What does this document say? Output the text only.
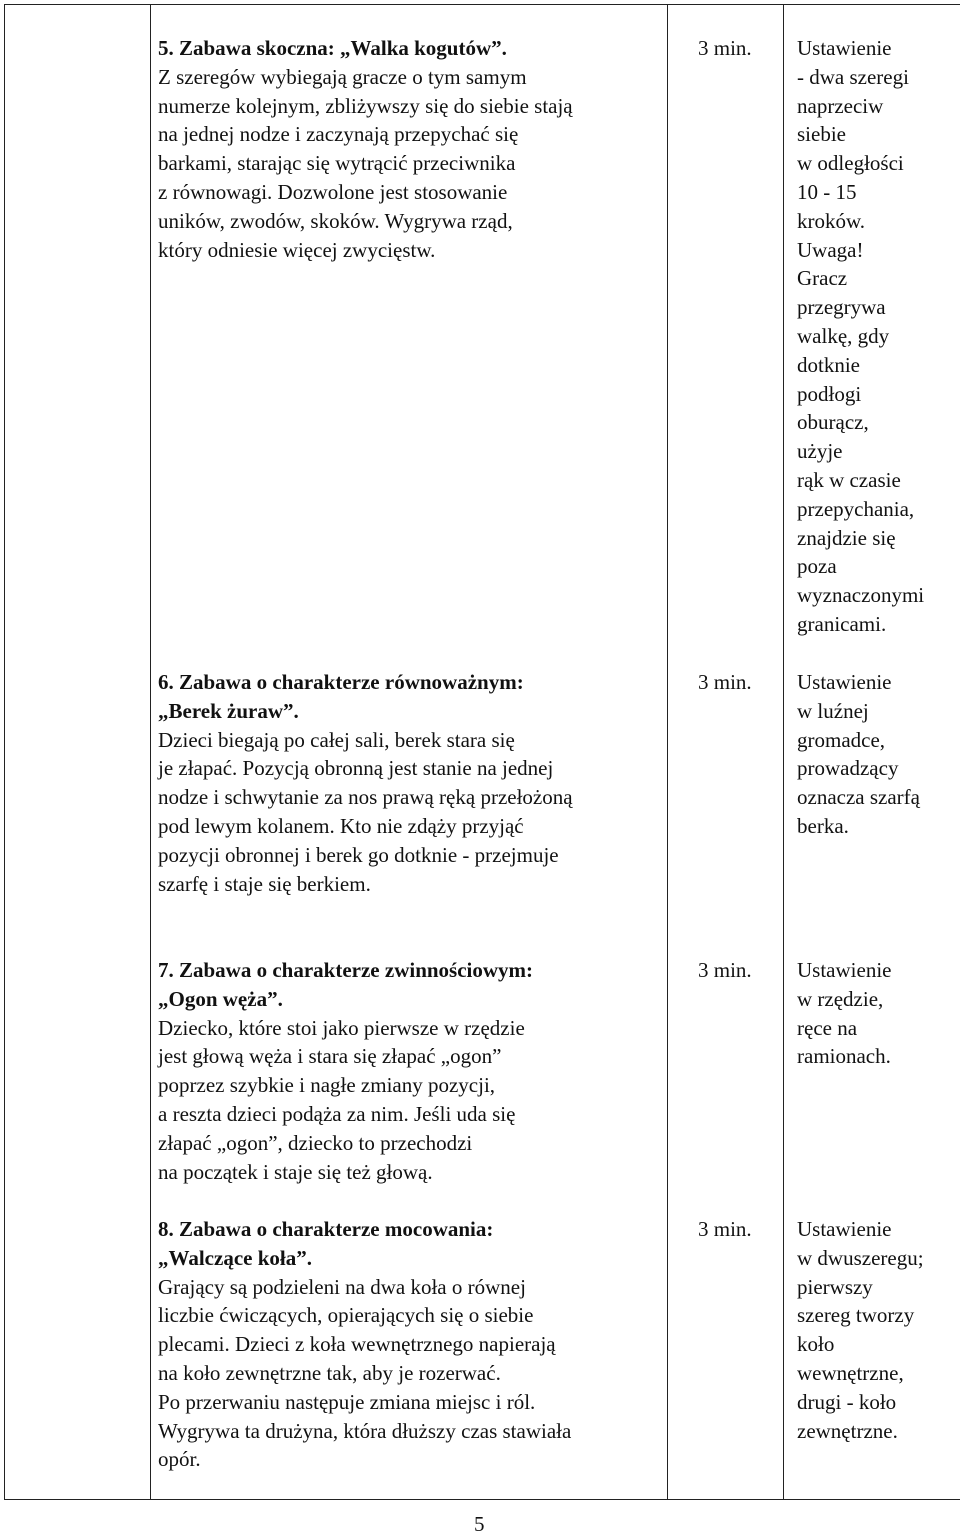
5. Zabawa skoczna: „Walka kogutów”.
Z szeregów wybiegają gracze o tym samym
numerze kolejnym, zbliżywszy się do siebie stają
na jednej nodze i zaczynają przepychać się
barkami, starając się wytrącić przeciwnika
z równowagi. Dozwolone jest stosowanie
uników, zwodów, skoków. Wygrywa rząd,
który odniesie więcej zwycięstw.
3 min. Ustawienie
- dwa szeregi
naprzeciw
siebie
w odległości
10 - 15
kroków.
Uwaga!
Gracz
przegrywa
walkę, gdy
dotknie
podłogi
oburącz,
użyje
rąk w czasie
przepychania,
znajdzie się
poza
wyznaczonymi
granicami.
6. Zabawa o charakterze równoważnym:
„Berek żuraw”.
Dzieci biegają po całej sali, berek stara się
je złapać. Pozycją obronną jest stanie na jednej
nodze i schwytanie za nos prawą ręką przełożoną
pod lewym kolanem. Kto nie zdąży przyjąć
pozycji obronnej i berek go dotknie - przejmuje
szarfę i staje się berkiem.
3 min. Ustawienie
w luźnej
gromadce,
prowadzący
oznacza szarfą
berka.
7. Zabawa o charakterze zwinnościowym:
„Ogon węża”.
Dziecko, które stoi jako pierwsze w rzędzie
jest głową węża i stara się złapać „ogon”
poprzez szybkie i nagłe zmiany pozycji,
a reszta dzieci podąża za nim. Jeśli uda się
złapać „ogon”, dziecko to przechodzi
na początek i staje się też głową.
3 min. Ustawienie
w rzędzie,
ręce na
ramionach.
8. Zabawa o charakterze mocowania:
„Walczące koła”.
Grający są podzieleni na dwa koła o równej
liczbie ćwiczących, opierających się o siebie
plecami. Dzieci z koła wewnętrznego napierają
na koło zewnętrzne tak, aby je rozerwać.
Po przerwaniu następuje zmiana miejsc i ról.
Wygrywa ta drużyna, która dłuższy czas stawiała
opór.
3 min. Ustawienie
w dwuszeregu;
pierwszy
szereg tworzy
koło
wewnętrzne,
drugi - koło
zewnętrzne.
5
